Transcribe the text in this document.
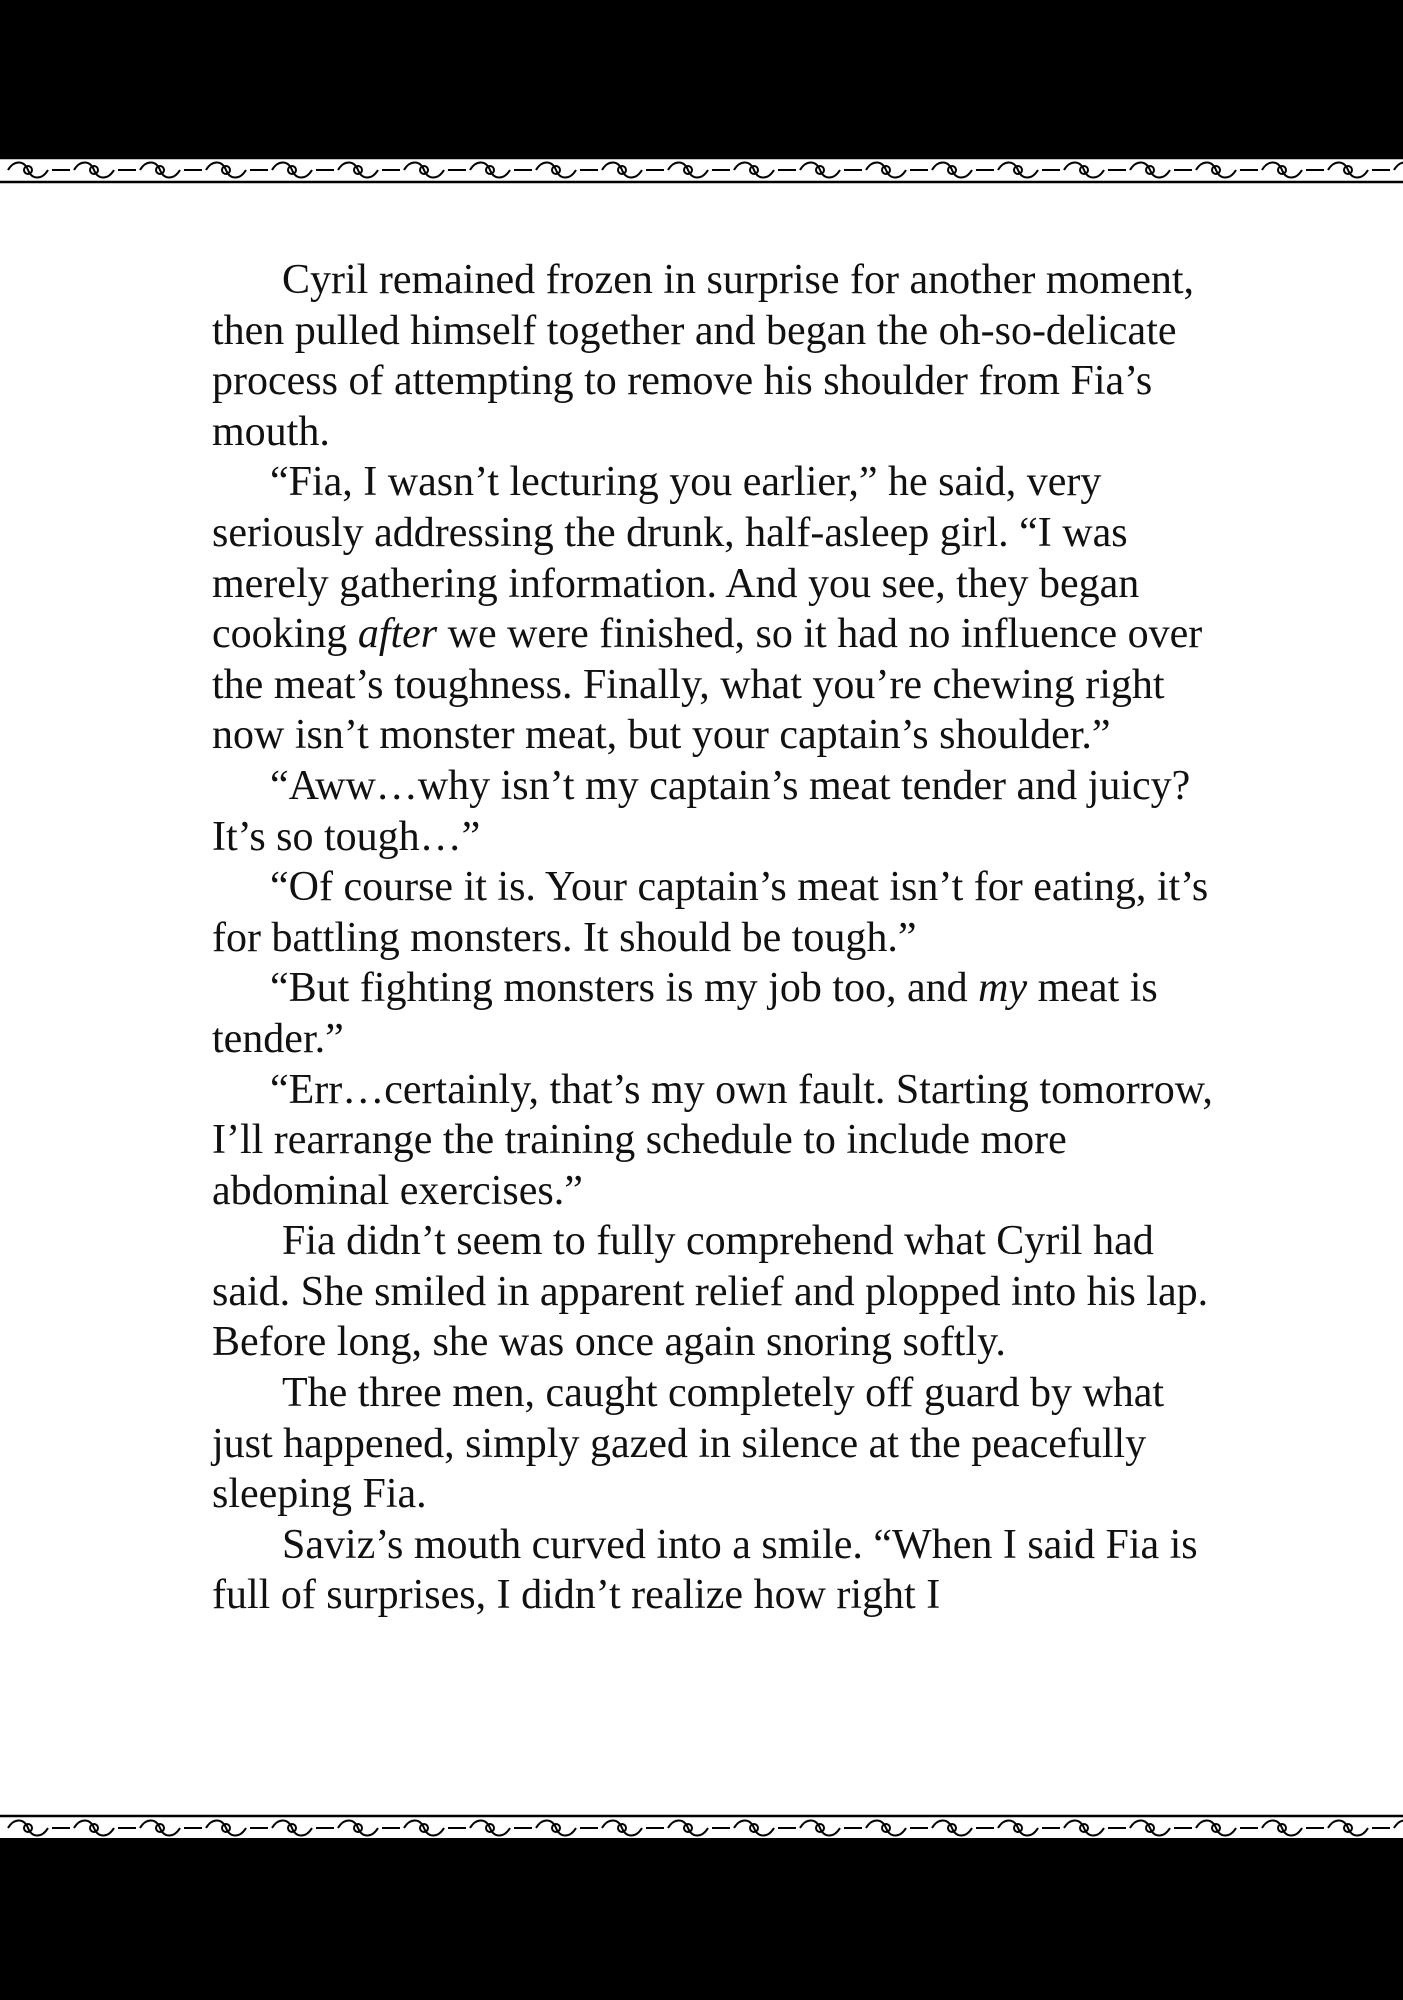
Cyril remained frozen in surprise for another moment, then pulled himself together and began the oh-so-delicate process of attempting to remove his shoulder from Fia’s mouth.

“Fia, I wasn’t lecturing you earlier,” he said, very seriously addressing the drunk, half-asleep girl. “I was merely gathering information. And you see, they began cooking after we were finished, so it had no influence over the meat’s toughness. Finally, what you’re chewing right now isn’t monster meat, but your captain’s shoulder.”

“Aww…why isn’t my captain’s meat tender and juicy? It’s so tough…”

“Of course it is. Your captain’s meat isn’t for eating, it’s for battling monsters. It should be tough.”

“But fighting monsters is my job too, and my meat is tender.”

“Err…certainly, that’s my own fault. Starting tomorrow, I’ll rearrange the training schedule to include more abdominal exercises.”

Fia didn’t seem to fully comprehend what Cyril had said. She smiled in apparent relief and plopped into his lap. Before long, she was once again snoring softly.

The three men, caught completely off guard by what just happened, simply gazed in silence at the peacefully sleeping Fia.

Saviz’s mouth curved into a smile. “When I said Fia is full of surprises, I didn’t realize how right I
